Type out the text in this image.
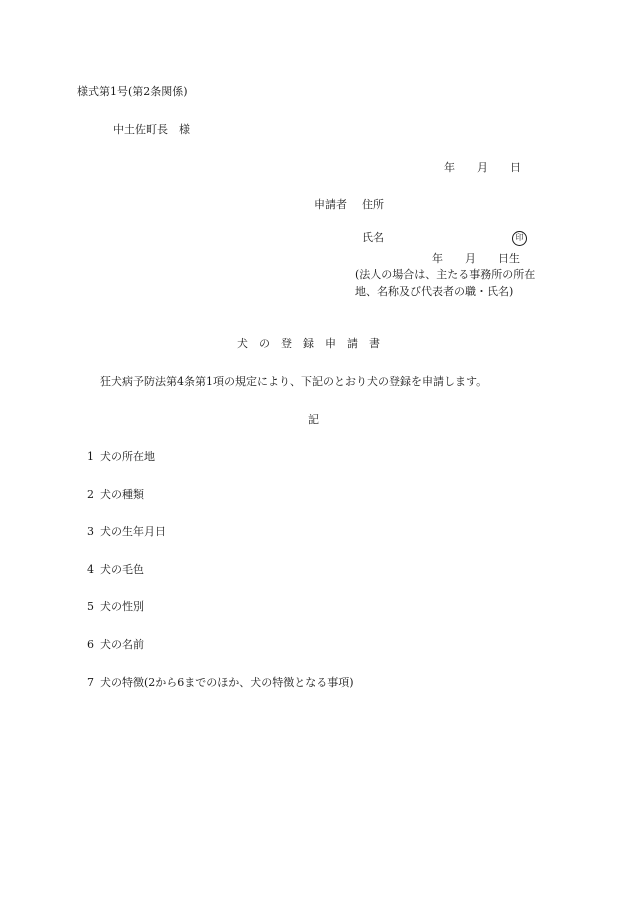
様式第1号(第2条関係)
中土佐町長　様
年　　月　　日
申請者 住所
氏名	印
年　　月　　日生
(法人の場合は、主たる事務所の所在地、名称及び代表者の職・氏名)
犬　の　登　録　申　請　書
狂犬病予防法第4条第1項の規定により、下記のとおり犬の登録を申請します。
記
1 犬の所在地
2 犬の種類
3 犬の生年月日
4 犬の毛色
5 犬の性別
6 犬の名前
7 犬の特徴(2から6までのほか、犬の特徴となる事項)
